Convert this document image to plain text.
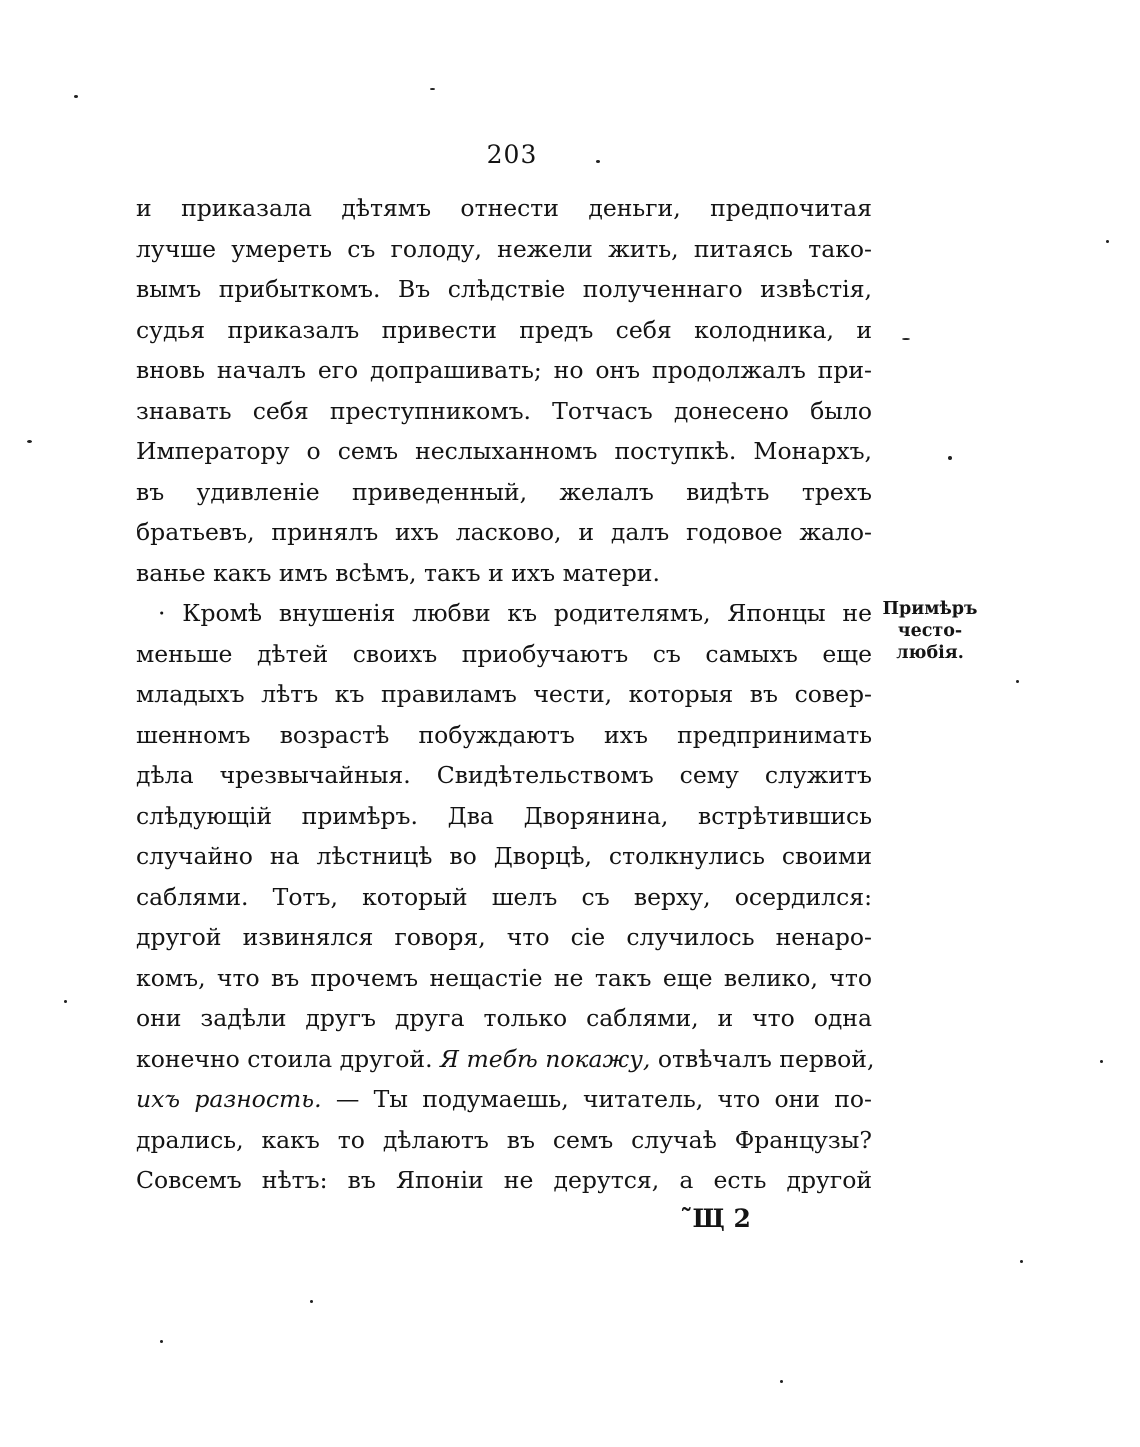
203
и приказала дѣтямъ отнести деньги, предпочитая
лучше умереть съ голоду, нежели жить, питаясь тако-
вымъ прибыткомъ. Въ слѣдствіе полученнаго извѣстія,
судья приказалъ привести предъ себя колодника, и
вновь началъ его допрашивать; но онъ продолжалъ при-
знавать себя преступникомъ. Тотчасъ донесено было
Императору о семъ неслыханномъ поступкѣ. Монархъ,
въ удивленіе приведенный, желалъ видѣть трехъ
братьевъ, принялъ ихъ ласково, и далъ годовое жало-
ванье какъ имъ всѣмъ, такъ и ихъ матери.
· Кромѣ внушенія любви къ родителямъ, Японцы не
меньше дѣтей своихъ приобучаютъ съ самыхъ еще
младыхъ лѣтъ къ правиламъ чести, которыя въ совер-
шенномъ возрастѣ побуждаютъ ихъ предпринимать
дѣла чрезвычайныя. Свидѣтельствомъ сему служитъ
слѣдующій примѣръ. Два Дворянина, встрѣтившись
случайно на лѣстницѣ во Дворцѣ, столкнулись своими
саблями. Тотъ, который шелъ съ верху, осердился:
другой извинялся говоря, что сіе случилось ненаро-
комъ, что въ прочемъ нещастіе не такъ еще велико, что
они задѣли другъ друга только саблями, и что одна
конечно стоила другой. Я тебѣ покажу, отвѣчалъ первой,
ихъ разность. — Ты подумаешь, читатель, что они по-
дрались, какъ то дѣлаютъ въ семъ случаѣ Французы?
Совсемъ нѣтъ: въ Японіи не дерутся, а есть другой
Примѣръ
често-
любія.
˜Щ 2
